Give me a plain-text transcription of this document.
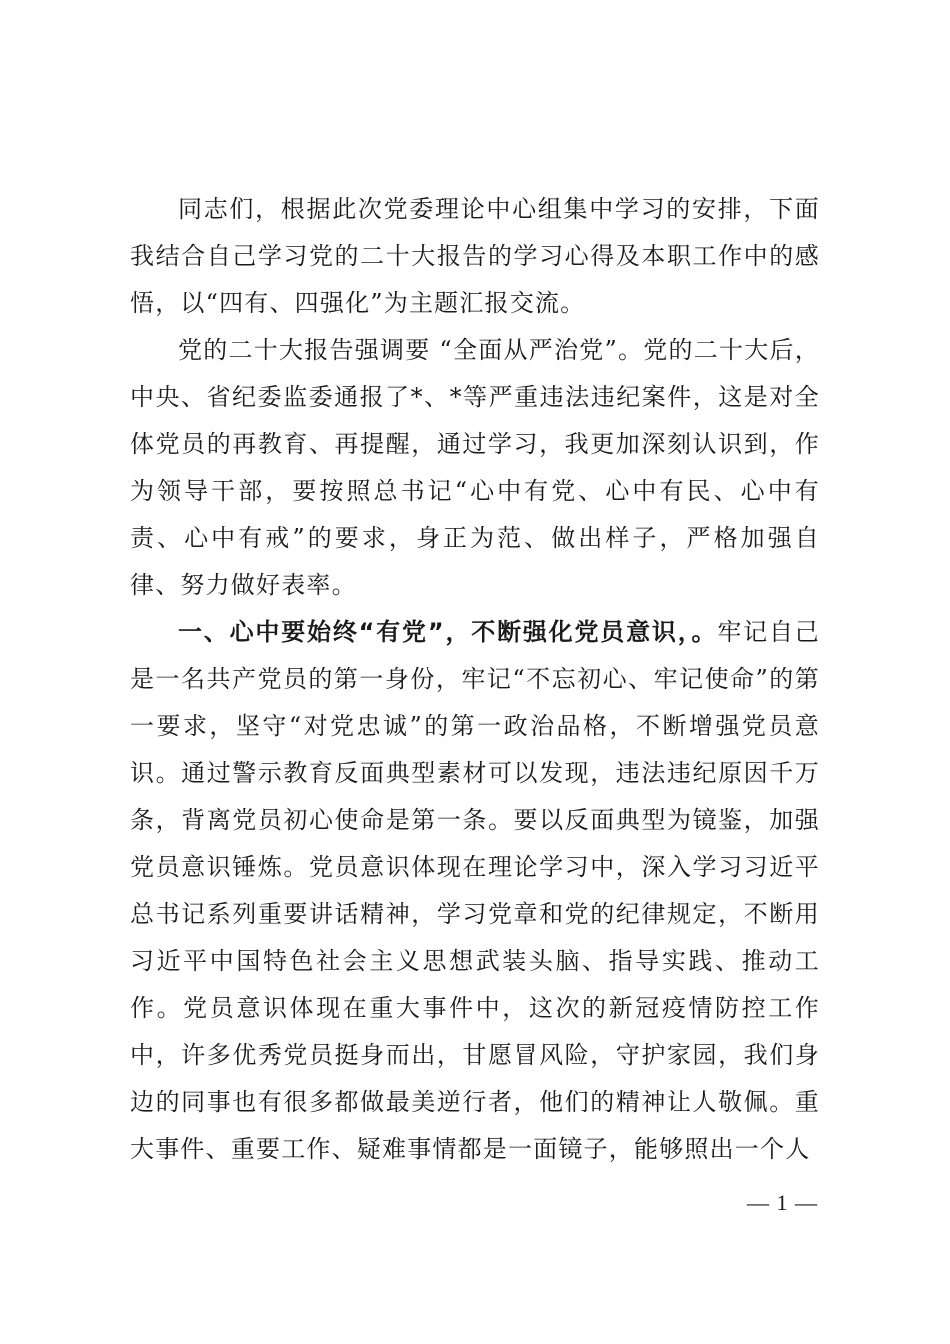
同志们，根据此次党委理论中心组集中学习的安排，下面我结合自己学习党的二十大报告的学习心得及本职工作中的感悟，以“四有、四强化”为主题汇报交流。

党的二十大报告强调要 “全面从严治党”。党的二十大后，中央、省纪委监委通报了*、*等严重违法违纪案件，这是对全体党员的再教育、再提醒，通过学习，我更加深刻认识到，作为领导干部，要按照总书记“心中有党、心中有民、心中有责、心中有戒”的要求，身正为范、做出样子，严格加强自律、努力做好表率。

一、心中要始终“有党”，不断强化党员意识，。牢记自己是一名共产党员的第一身份，牢记“不忘初心、牢记使命”的第一要求，坚守“对党忠诚”的第一政治品格，不断增强党员意识。通过警示教育反面典型素材可以发现，违法违纪原因千万条，背离党员初心使命是第一条。要以反面典型为镜鉴，加强党员意识锤炼。党员意识体现在理论学习中，深入学习习近平总书记系列重要讲话精神，学习党章和党的纪律规定，不断用习近平中国特色社会主义思想武装头脑、指导实践、推动工作。党员意识体现在重大事件中，这次的新冠疫情防控工作中，许多优秀党员挺身而出，甘愿冒风险，守护家园，我们身边的同事也有很多都做最美逆行者，他们的精神让人敬佩。重大事件、重要工作、疑难事情都是一面镜子，能够照出一个人

— 1 —
